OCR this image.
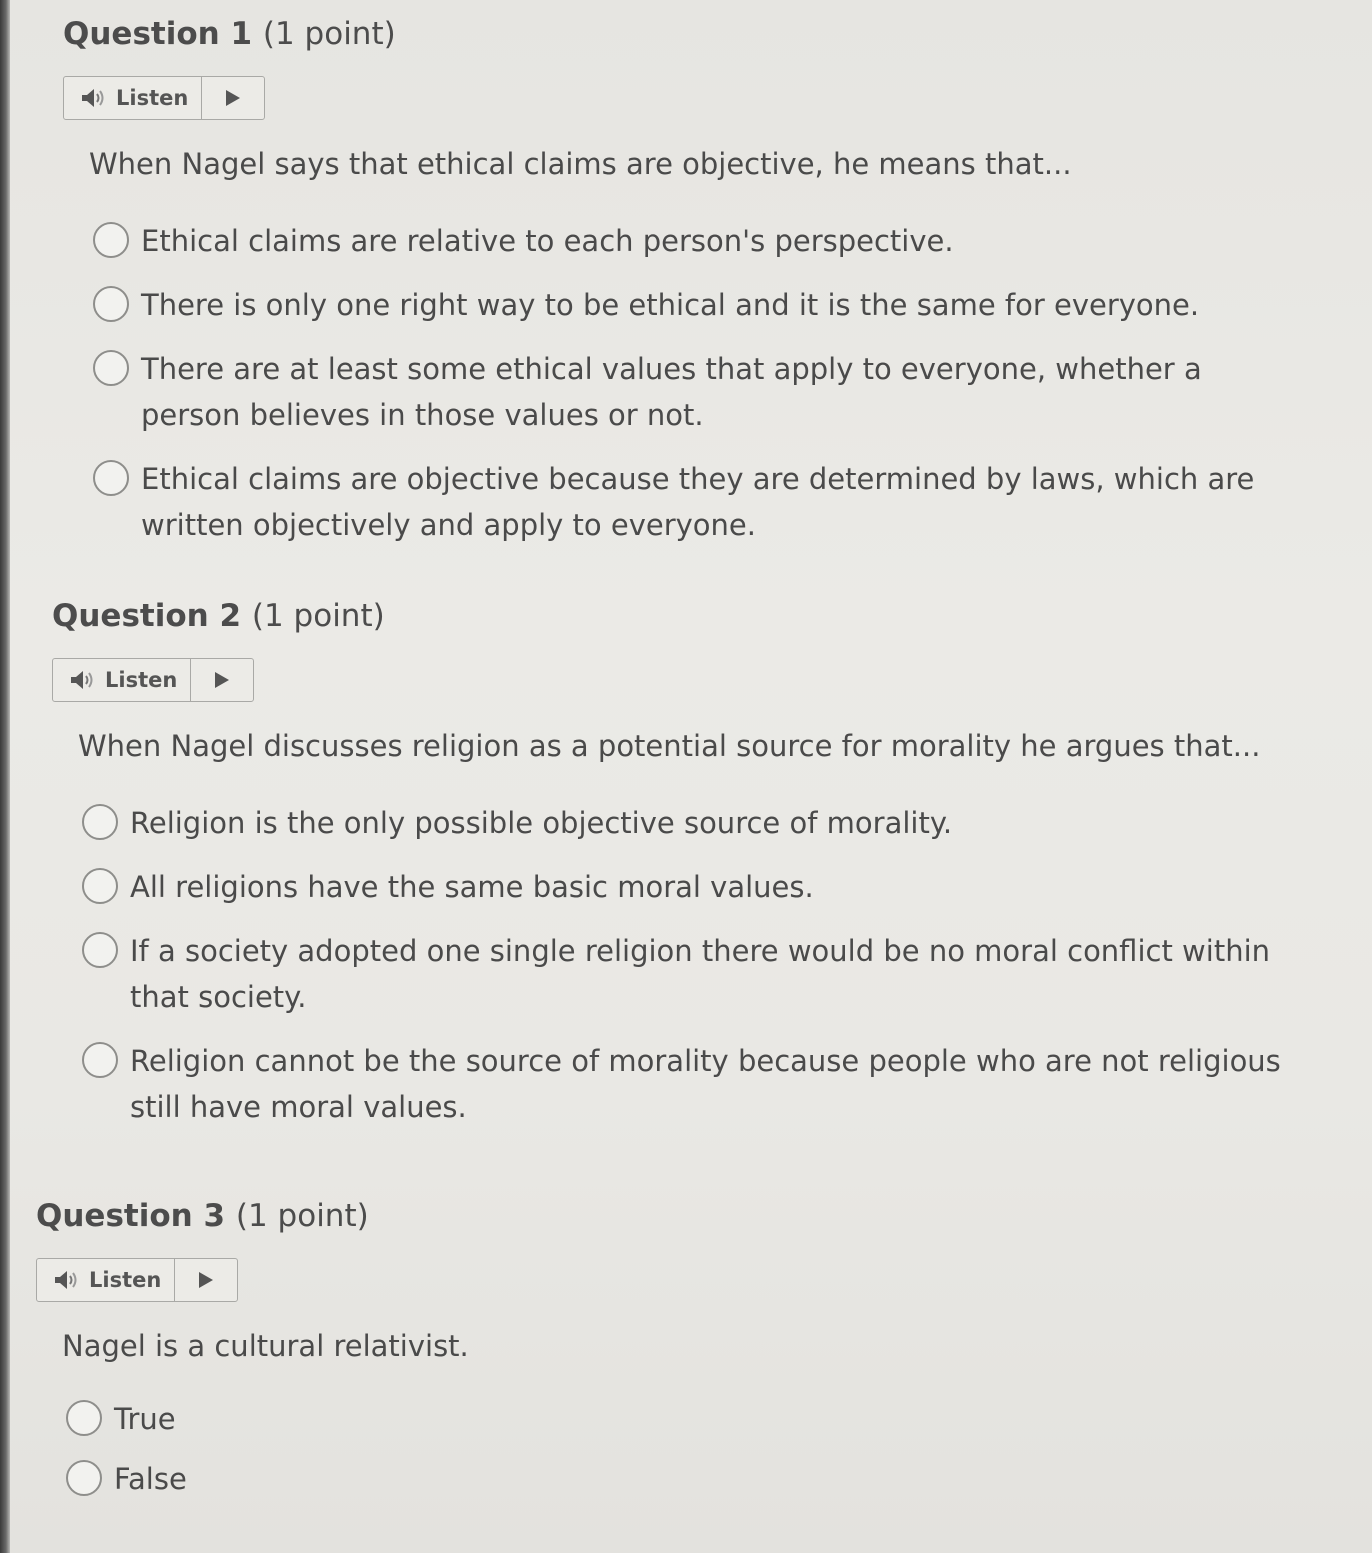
Question 1 (1 point)
Listen

When Nagel says that ethical claims are objective, he means that...

Ethical claims are relative to each person's perspective.
There is only one right way to be ethical and it is the same for everyone.
There are at least some ethical values that apply to everyone, whether a person believes in those values or not.
Ethical claims are objective because they are determined by laws, which are written objectively and apply to everyone.
Question 2 (1 point)
Listen

When Nagel discusses religion as a potential source for morality he argues that...

Religion is the only possible objective source of morality.
All religions have the same basic moral values.
If a society adopted one single religion there would be no moral conflict within that society.
Religion cannot be the source of morality because people who are not religious still have moral values.
Question 3 (1 point)
Listen

Nagel is a cultural relativist.

True
False
